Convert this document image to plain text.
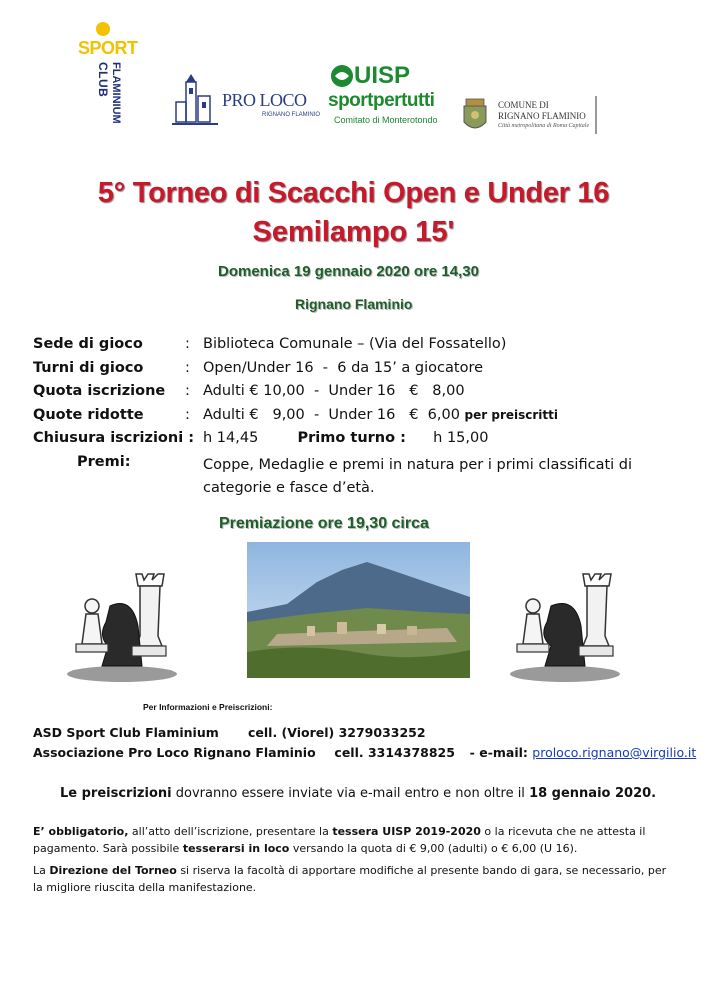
SPORT
CLUB FLAMINIUM	PRO LOCO
RIGNANO FLAMINIO
UISP
sportpertutti
Comitato di Monterotondo
COMUNE DI
RIGNANO FLAMINIO
Città metropolitana di Roma Capitale
5° Torneo di Scacchi Open e Under 16
Semilampo 15'
Domenica 19 gennaio 2020 ore 14,30
Rignano Flaminio
Sede di gioco	: Biblioteca Comunale – (Via del Fossatello)
Turni di gioco	: Open/Under 16  -  6 da 15’ a giocatore
Quota iscrizione : Adulti € 10,00  -  Under 16   €   8,00
Quote ridotte	: Adulti €   9,00  -  Under 16   €  6,00 per preiscritti
Chiusura iscrizioni : h 14,45	Primo turno : h 15,00
Premi:	Coppe, Medaglie e premi in natura per i primi classificati di categorie e fasce d’età.
Premiazione ore 19,30 circa
Per Informazioni e Preiscrizioni:
ASD Sport Club Flaminium cell. (Viorel) 3279033252
Associazione Pro Loco Rignano Flaminio cell. 3314378825 - e-mail: proloco.rignano@virgilio.it
Le preiscrizioni dovranno essere inviate via e-mail entro e non oltre il 18 gennaio 2020.
E’ obbligatorio, all’atto dell’iscrizione, presentare la tessera UISP 2019-2020 o la ricevuta che ne attesta il pagamento. Sarà possibile tesserarsi in loco versando la quota di € 9,00 (adulti) o € 6,00 (U 16).
La Direzione del Torneo si riserva la facoltà di apportare modifiche al presente bando di gara, se necessario, per la migliore riuscita della manifestazione.
